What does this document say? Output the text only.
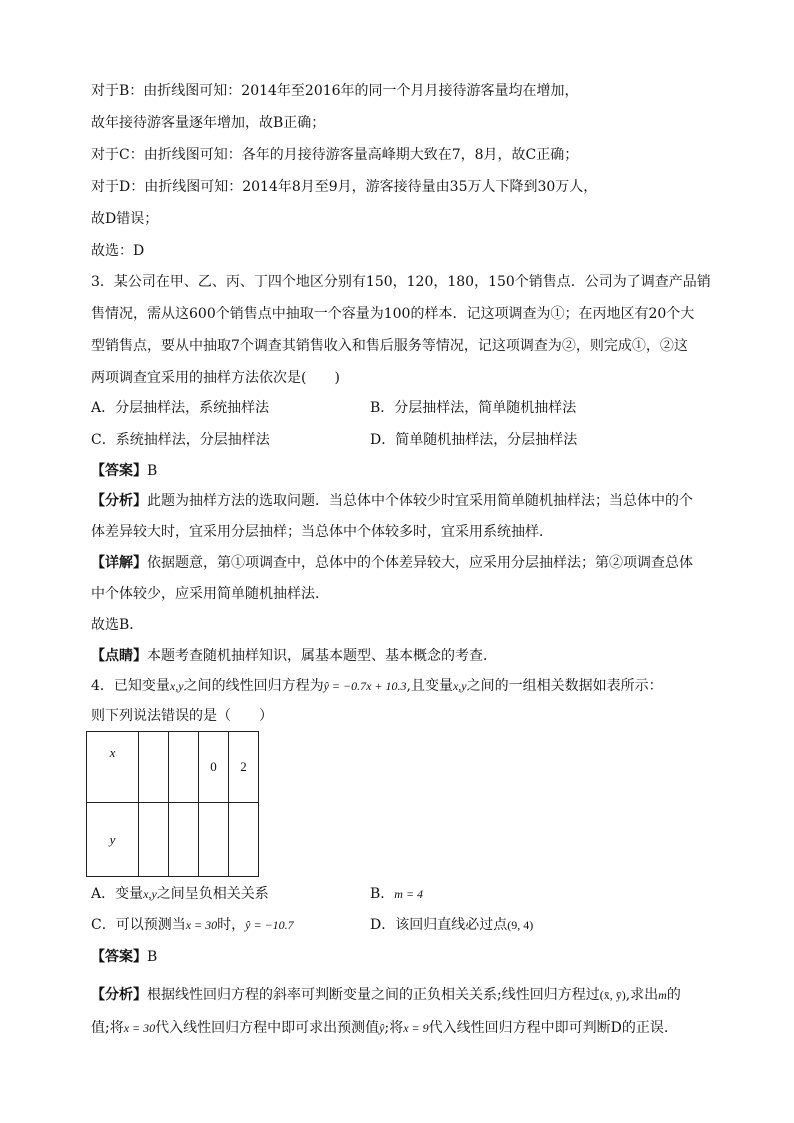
对于B：由折线图可知：2014年至2016年的同一个月月接待游客量均在增加，
故年接待游客量逐年增加，故B正确；
对于C：由折线图可知：各年的月接待游客量高峰期大致在7，8月，故C正确；
对于D：由折线图可知：2014年8月至9月，游客接待量由35万人下降到30万人，
故D错误；
故选：D
3．某公司在甲、乙、丙、丁四个地区分别有150，120，180，150个销售点．公司为了调查产品销
售情况，需从这600个销售点中抽取一个容量为100的样本．记这项调查为①；在丙地区有20个大
型销售点，要从中抽取7个调查其销售收入和售后服务等情况，记这项调查为②，则完成①，②这
两项调查宜采用的抽样方法依次是(　　)
A．分层抽样法，系统抽样法	B．分层抽样法，简单随机抽样法
C．系统抽样法，分层抽样法	D．简单随机抽样法，分层抽样法
【答案】B
【分析】此题为抽样方法的选取问题．当总体中个体较少时宜采用简单随机抽样法；当总体中的个
体差异较大时，宜采用分层抽样；当总体中个体较多时，宜采用系统抽样．
【详解】依据题意，第①项调查中，总体中的个体差异较大，应采用分层抽样法；第②项调查总体
中个体较少，应采用简单随机抽样法．
故选B．
【点睛】本题考查随机抽样知识，属基本题型、基本概念的考查．
4．已知变量x,y之间的线性回归方程为ŷ = −0.7x + 10.3,且变量x,y之间的一组相关数据如表所示：
则下列说法错误的是（　　）
x			0	2

y				

A．变量x,y之间呈负相关关系	B．m = 4
C．可以预测当x = 30时，ŷ = −10.7	D．该回归直线必过点(9, 4)
【答案】B
【分析】根据线性回归方程的斜率可判断变量之间的正负相关关系;线性回归方程过(x̄, ȳ),求出m的
值;将x = 30代入线性回归方程中即可求出预测值ŷ;将x = 9代入线性回归方程中即可判断D的正误.
